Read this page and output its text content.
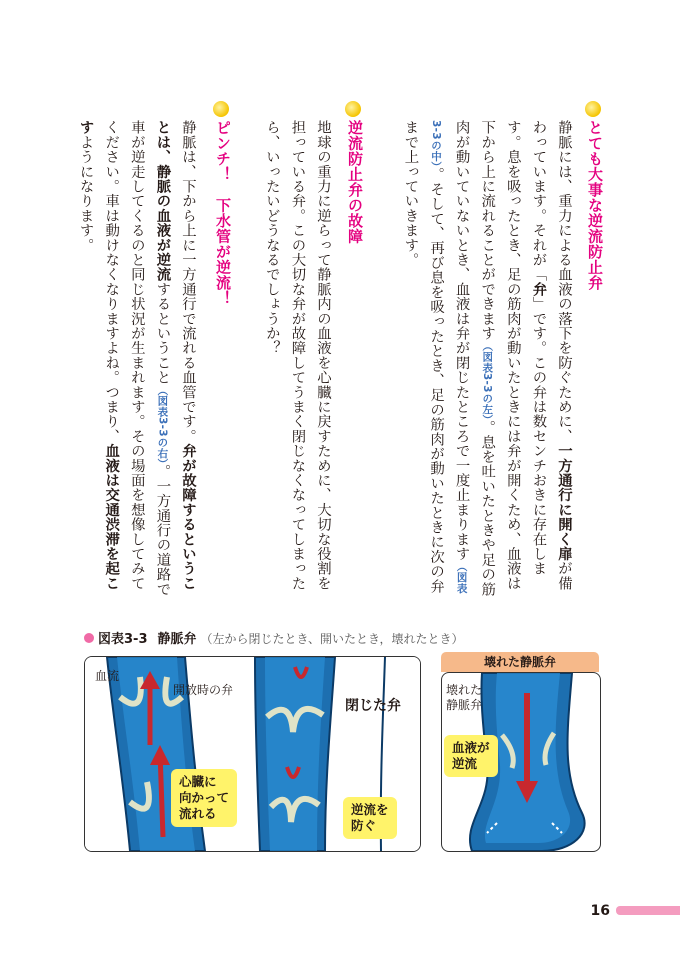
とても大事な逆流防止弁
静脈には、重力による血液の落下を防ぐために、一方通行に開く扉が備わっています。それが「弁」です。この弁は数センチおきに存在します。息を吸ったとき、足の筋肉が動いたときには弁が開くため、血液は下から上に流れることができます（図表3-3の左）。息を吐いたときや足の筋肉が動いていないとき、血液は弁が閉じたところで一度止まります（図表3-3の中）。そして、再び息を吸ったとき、足の筋肉が動いたときに次の弁まで上っていきます。
逆流防止弁の故障
地球の重力に逆らって静脈内の血液を心臓に戻すために、大切な役割を担っている弁。この大切な弁が故障してうまく閉じなくなってしまったら、いったいどうなるでしょうか？
ピンチ！　下水管が逆流！
静脈は、下から上に一方通行で流れる血管です。弁が故障するということは、静脈の血液が逆流するということ（図表3-3の右）。一方通行の道路で車が逆走してくるのと同じ状況が生まれます。その場面を想像してみてください。車は動けなくなりますよね。つまり、血液は交通渋滞を起こすようになります。
図表3-3 静脈弁 （左から閉じたとき、開いたとき，壊れたとき）
血流
開放時の弁
心臓に
向かって
流れる
閉じた弁
逆流を
防ぐ
壊れた静脈弁
壊れた
静脈弁
血液が
逆流
16
